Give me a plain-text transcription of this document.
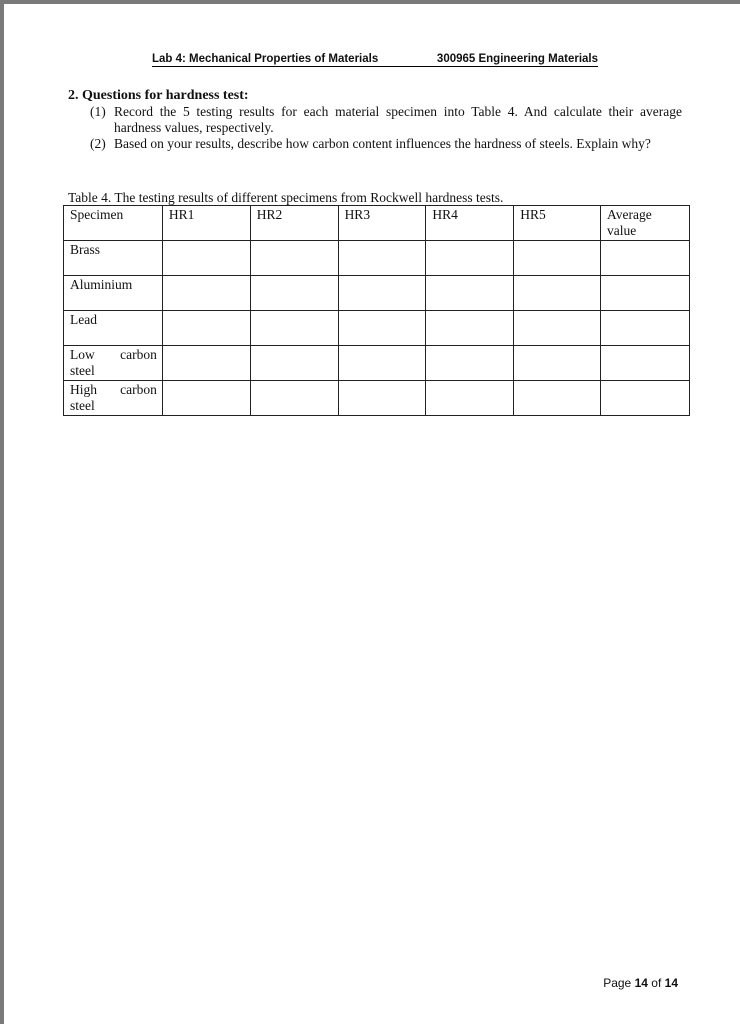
Lab 4: Mechanical Properties of Materials	300965 Engineering Materials
2. Questions for hardness test:
(1) Record the 5 testing results for each material specimen into Table 4. And calculate their average hardness values, respectively.
(2) Based on your results, describe how carbon content influences the hardness of steels. Explain why?
Table 4. The testing results of different specimens from Rockwell hardness tests.
Specimen	HR1	HR2	HR3	HR4	HR5	Average value
Brass						
Aluminium						
Lead						
Low carbon steel						
High carbon steel						
Page 14 of 14
